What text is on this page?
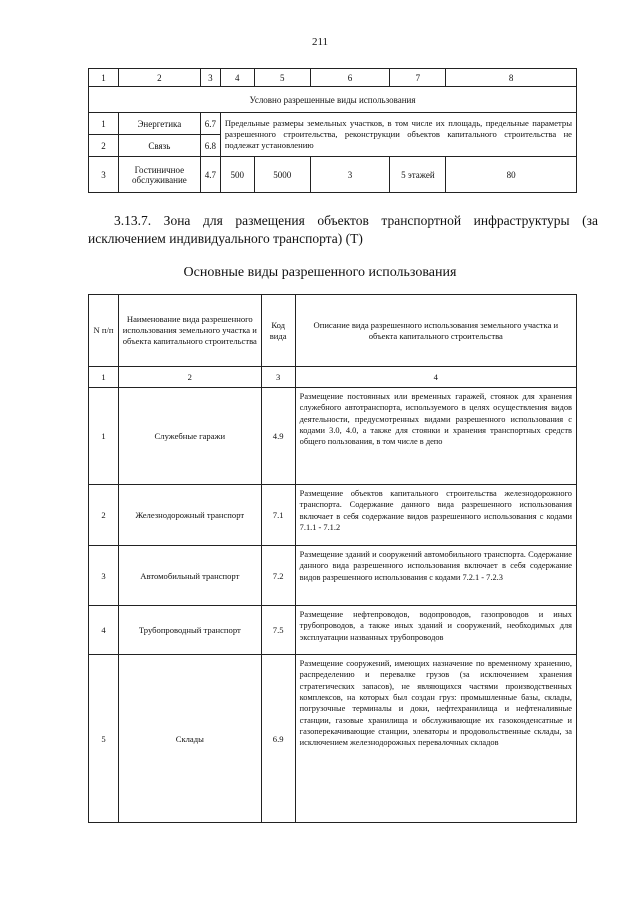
211
1	2	3	4	5	6	7	8
Условно разрешенные виды использования							
1	Энергетика	6.7	Предельные размеры земельных участков, в том числе их площадь, предельные параметры разрешенного строительства, реконструкции объектов капитального строительства не подлежат установлению				
2	Связь	6.8					
3	Гостиничное обслуживание	4.7	500	5000	3	5 этажей	80
3.13.7. Зона для размещения объектов транспортной инфраструктуры (за исключением индивидуального транспорта) (Т)
Основные виды разрешенного использования
N п/п	Наименование вида разрешенного использования земельного участка и объекта капитального строительства	Код вида	Описание вида разрешенного использования земельного участка и объекта капитального строительства
1	2	3	4
1	Служебные гаражи	4.9	Размещение постоянных или временных гаражей, стоянок для хранения служебного автотранспорта, используемого в целях осуществления видов деятельности, предусмотренных видами разрешенного использования с кодами 3.0, 4.0, а также для стоянки и хранения транспортных средств общего пользования, в том числе в депо
2	Железнодорожный транспорт	7.1	Размещение объектов капитального строительства железнодорожного транспорта. Содержание данного вида разрешенного использования включает в себя содержание видов разрешенного использования с кодами 7.1.1 - 7.1.2
3	Автомобильный транспорт	7.2	Размещение зданий и сооружений автомобильного транспорта. Содержание данного вида разрешенного использования включает в себя содержание видов разрешенного использования с кодами 7.2.1 - 7.2.3
4	Трубопроводный транспорт	7.5	Размещение нефтепроводов, водопроводов, газопроводов и иных трубопроводов, а также иных зданий и сооружений, необходимых для эксплуатации названных трубопроводов
5	Склады	6.9	Размещение сооружений, имеющих назначение по временному хранению, распределению и перевалке грузов (за исключением хранения стратегических запасов), не являющихся частями производственных комплексов, на которых был создан груз: промышленные базы, склады, погрузочные терминалы и доки, нефтехранилища и нефтеналивные станции, газовые хранилища и обслуживающие их газоконденсатные и газоперекачивающие станции, элеваторы и продовольственные склады, за исключением железнодорожных перевалочных складов
